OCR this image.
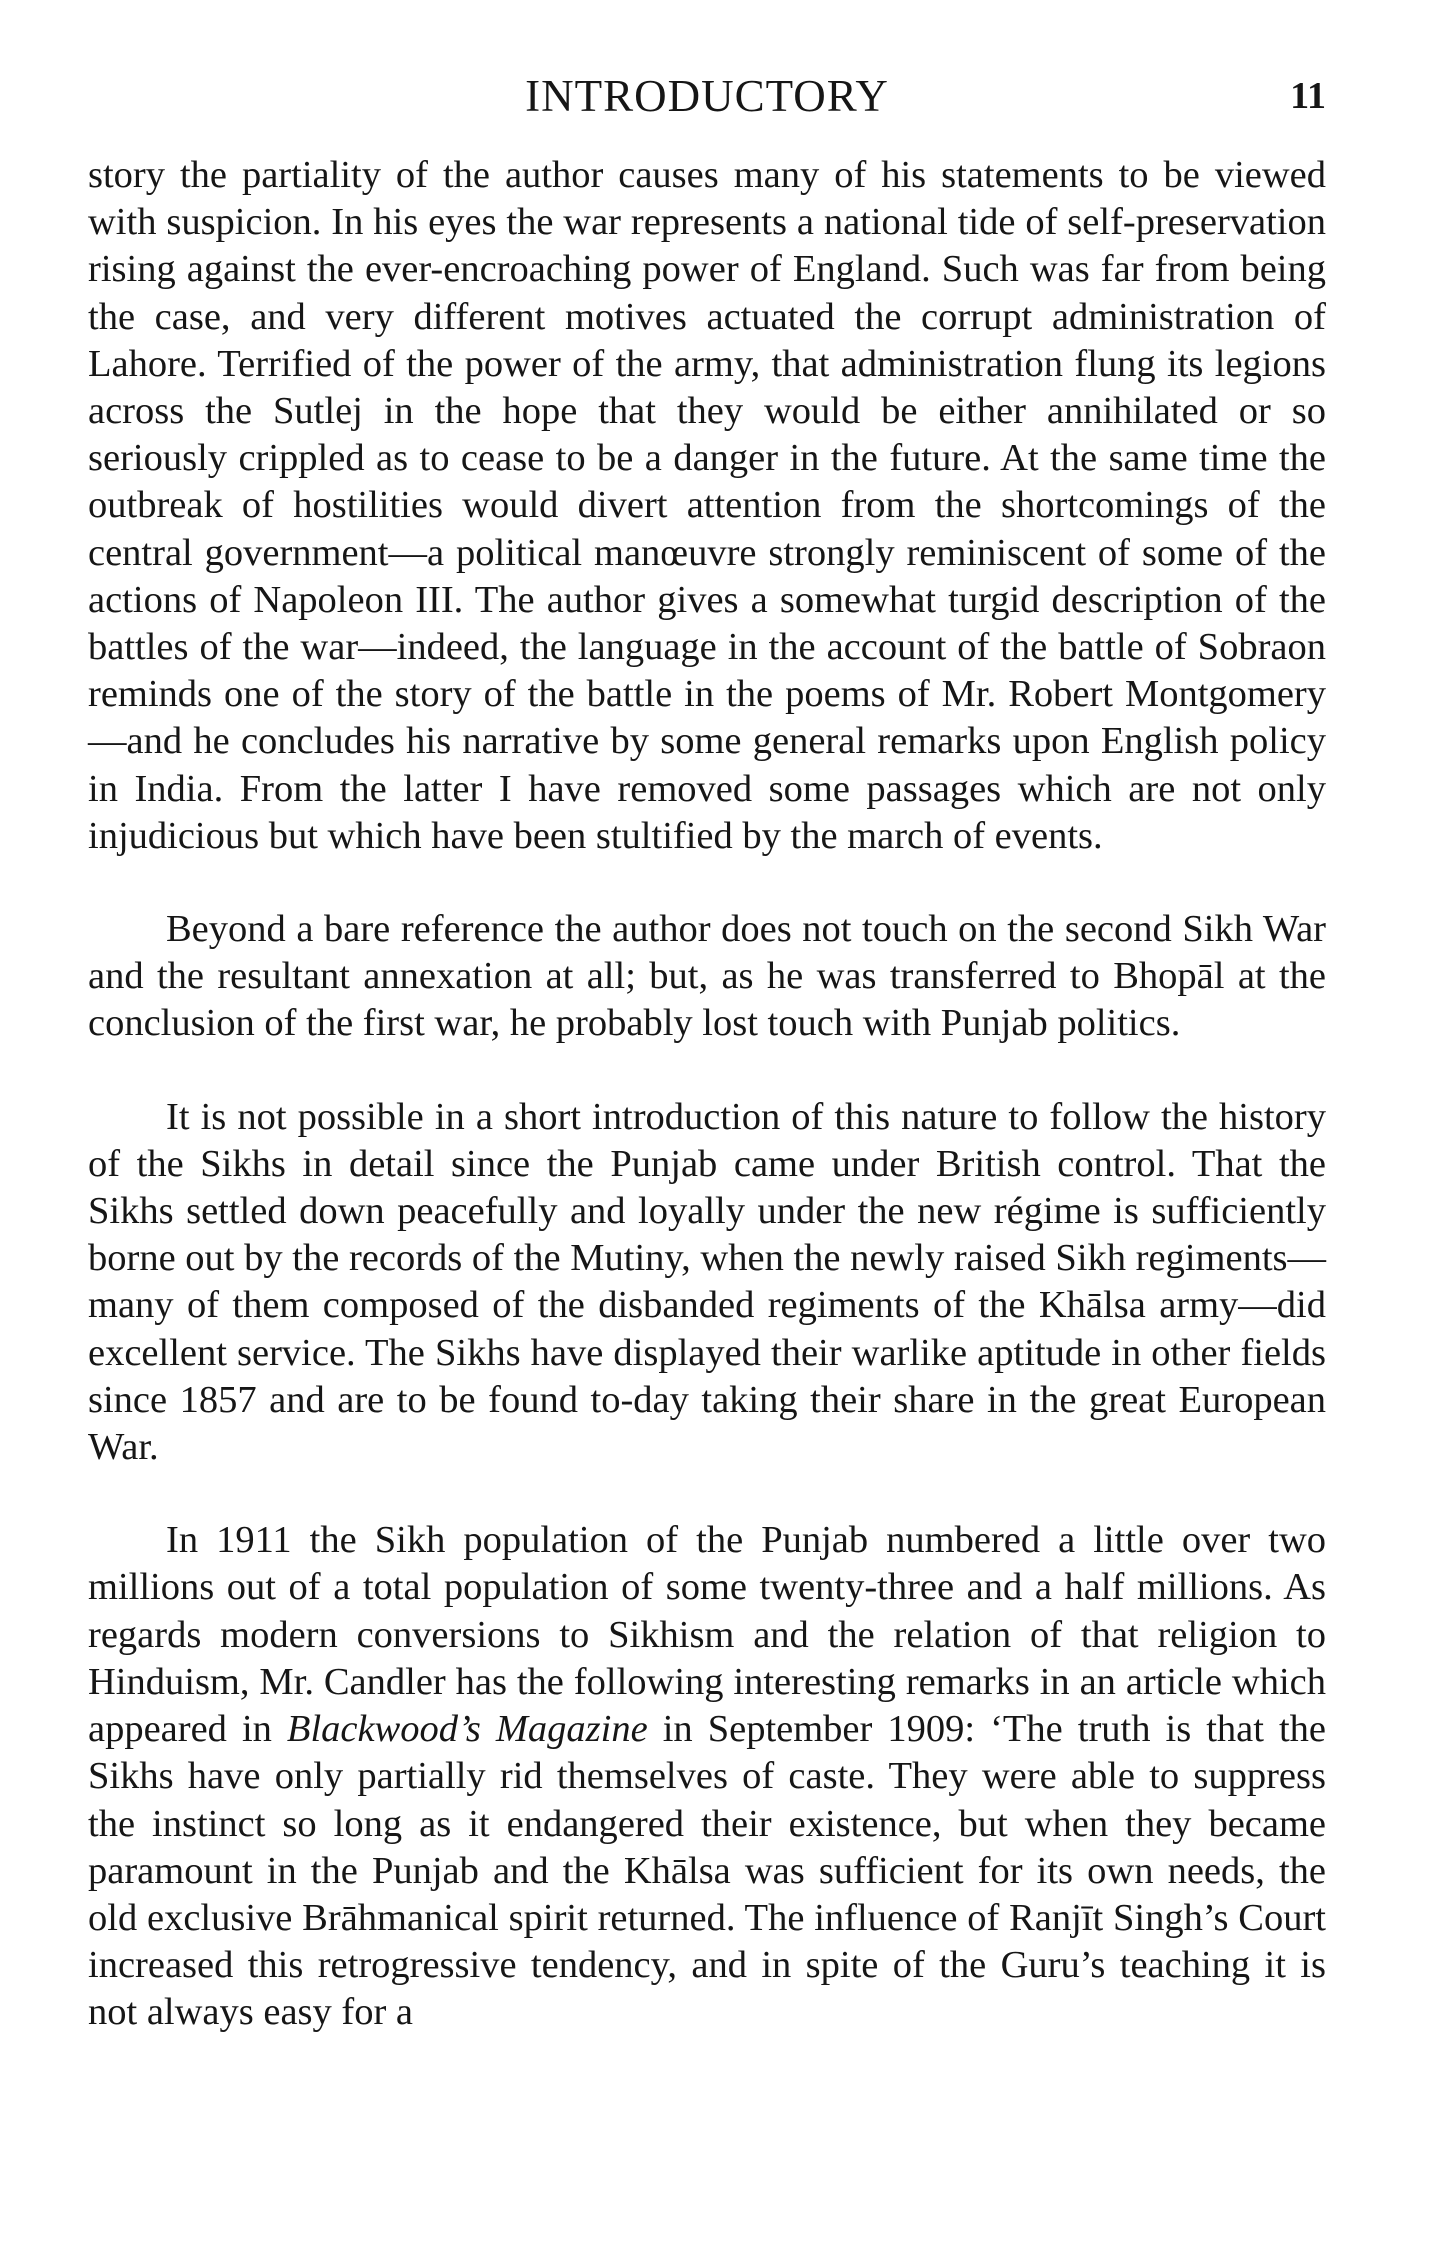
INTRODUCTORY	11

story the partiality of the author causes many of his statements to be viewed with suspicion. In his eyes the war represents a national tide of self-preservation rising against the ever-encroaching power of England. Such was far from being the case, and very different motives actuated the corrupt administration of Lahore. Terrified of the power of the army, that administration flung its legions across the Sutlej in the hope that they would be either annihilated or so seriously crippled as to cease to be a danger in the future. At the same time the outbreak of hostilities would divert attention from the shortcomings of the central government—a political manœuvre strongly reminiscent of some of the actions of Napoleon III. The author gives a somewhat turgid description of the battles of the war—indeed, the language in the account of the battle of Sobraon reminds one of the story of the battle in the poems of Mr. Robert Montgomery—and he concludes his narrative by some general remarks upon English policy in India. From the latter I have removed some passages which are not only injudicious but which have been stultified by the march of events.

Beyond a bare reference the author does not touch on the second Sikh War and the resultant annexation at all; but, as he was transferred to Bhopāl at the conclusion of the first war, he probably lost touch with Punjab politics.

It is not possible in a short introduction of this nature to follow the history of the Sikhs in detail since the Punjab came under British control. That the Sikhs settled down peacefully and loyally under the new régime is sufficiently borne out by the records of the Mutiny, when the newly raised Sikh regiments—many of them composed of the disbanded regiments of the Khālsa army—did excellent service. The Sikhs have displayed their warlike aptitude in other fields since 1857 and are to be found to-day taking their share in the great European War.

In 1911 the Sikh population of the Punjab numbered a little over two millions out of a total population of some twenty-three and a half millions. As regards modern conversions to Sikhism and the relation of that religion to Hinduism, Mr. Candler has the following interesting remarks in an article which appeared in Blackwood’s Magazine in September 1909: ‘The truth is that the Sikhs have only partially rid themselves of caste. They were able to suppress the instinct so long as it endangered their existence, but when they became paramount in the Punjab and the Khālsa was sufficient for its own needs, the old exclusive Brāhmanical spirit returned. The influence of Ranjīt Singh’s Court increased this retrogressive tendency, and in spite of the Guru’s teaching it is not always easy for a
